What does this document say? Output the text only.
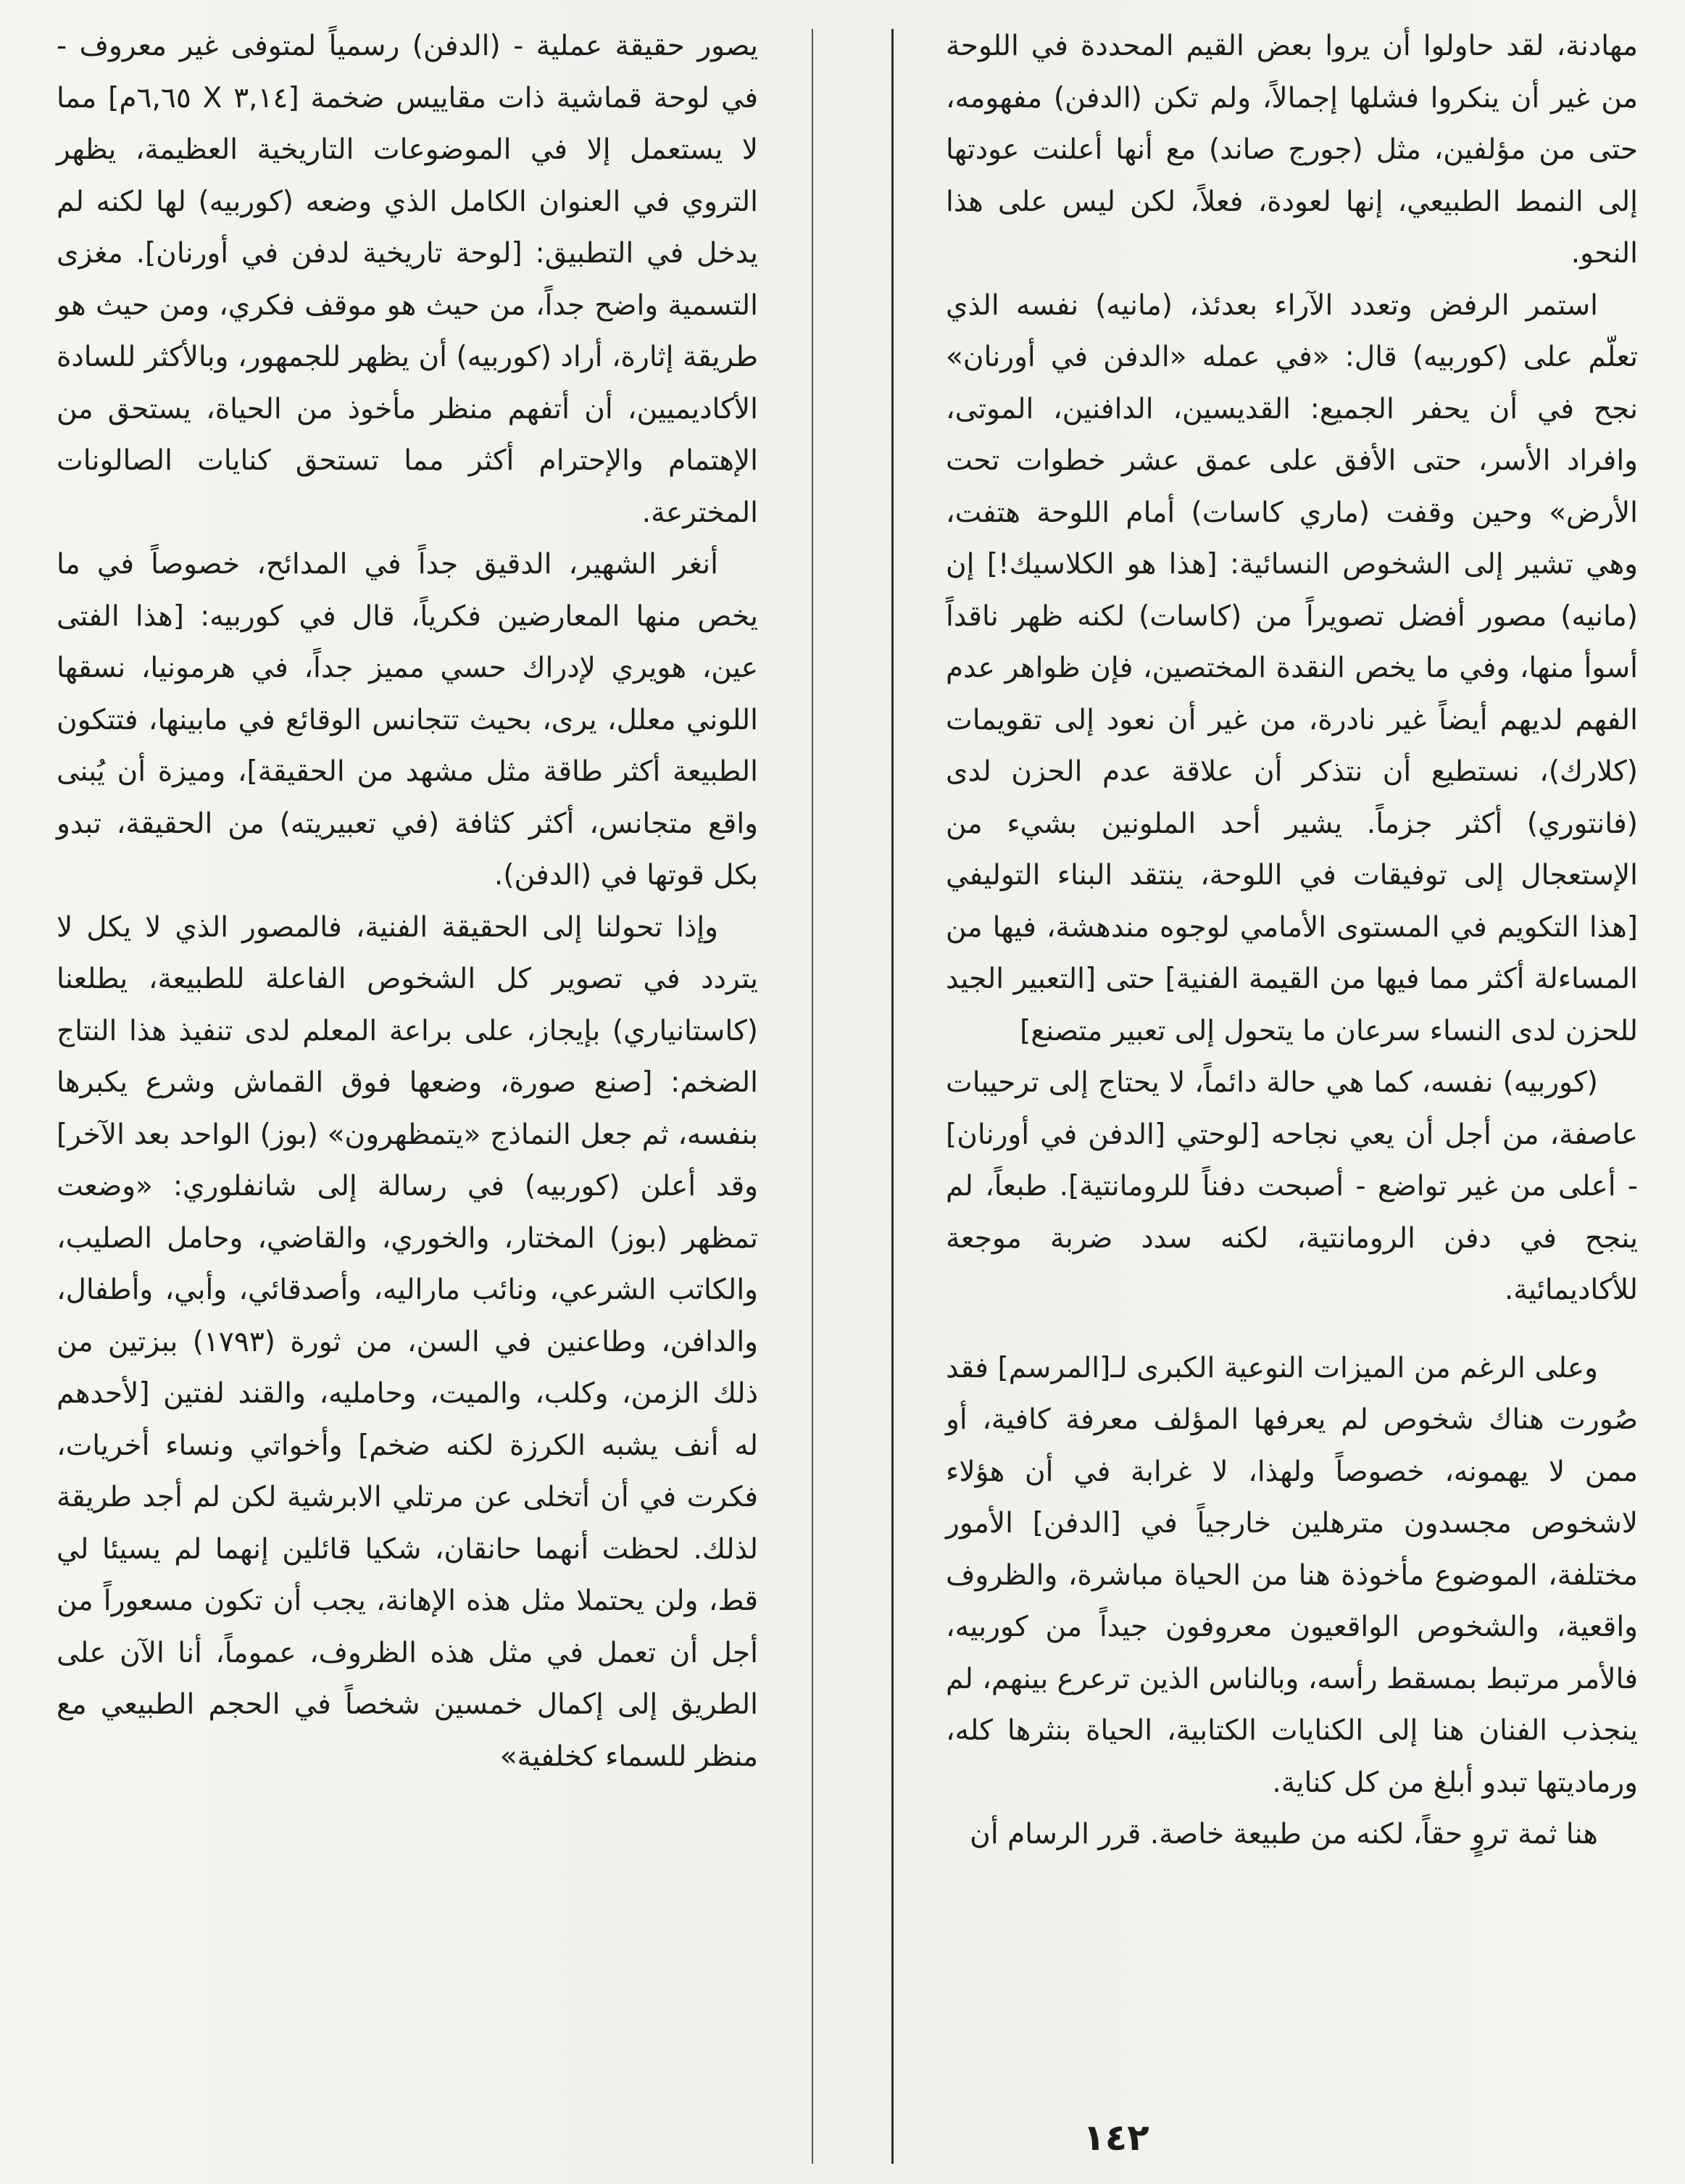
مهادنة، لقد حاولوا أن يروا بعض القيم المحددة في اللوحة من غير أن ينكروا فشلها إجمالاً، ولم تكن (الدفن) مفهومه، حتى من مؤلفين، مثل (جورج صاند) مع أنها أعلنت عودتها إلى النمط الطبيعي، إنها لعودة، فعلاً، لكن ليس على هذا النحو.

استمر الرفض وتعدد الآراء بعدئذ، (مانيه) نفسه الذي تعلّم على (كوربيه) قال: «في عمله «الدفن في أورنان» نجح في أن يحفر الجميع: القديسين، الدافنين، الموتى، وافراد الأسر، حتى الأفق على عمق عشر خطوات تحت الأرض» وحين وقفت (ماري كاسات) أمام اللوحة هتفت، وهي تشير إلى الشخوص النسائية: [هذا هو الكلاسيك!] إن (مانيه) مصور أفضل تصويراً من (كاسات) لكنه ظهر ناقداً أسوأ منها، وفي ما يخص النقدة المختصين، فإن ظواهر عدم الفهم لديهم أيضاً غير نادرة، من غير أن نعود إلى تقويمات (كلارك)، نستطيع أن نتذكر أن علاقة عدم الحزن لدى (فانتوري) أكثر جزماً. يشير أحد الملونين بشيء من الإستعجال إلى توفيقات في اللوحة، ينتقد البناء التوليفي [هذا التكويم في المستوى الأمامي لوجوه مندهشة، فيها من المساءلة أكثر مما فيها من القيمة الفنية] حتى [التعبير الجيد للحزن لدى النساء سرعان ما يتحول إلى تعبير متصنع]

(كوربيه) نفسه، كما هي حالة دائماً، لا يحتاج إلى ترحيبات عاصفة، من أجل أن يعي نجاحه [لوحتي [الدفن في أورنان] - أعلى من غير تواضع - أصبحت دفناً للرومانتية]. طبعاً، لم ينجح في دفن الرومانتية، لكنه سدد ضربة موجعة للأكاديمائية.

وعلى الرغم من الميزات النوعية الكبرى لـ[المرسم] فقد صُورت هناك شخوص لم يعرفها المؤلف معرفة كافية، أو ممن لا يهمونه، خصوصاً ولهذا، لا غرابة في أن هؤلاء لاشخوص مجسدون مترهلين خارجياً في [الدفن] الأمور مختلفة، الموضوع مأخوذة هنا من الحياة مباشرة، والظروف واقعية، والشخوص الواقعيون معروفون جيداً من كوربيه، فالأمر مرتبط بمسقط رأسه، وبالناس الذين ترعرع بينهم، لم ينجذب الفنان هنا إلى الكنايات الكتابية، الحياة بنثرها كله، ورماديتها تبدو أبلغ من كل كناية.

هنا ثمة تروٍ حقاً، لكنه من طبيعة خاصة. قرر الرسام أن

يصور حقيقة عملية - (الدفن) رسمياً لمتوفى غير معروف - في لوحة قماشية ذات مقاييس ضخمة [٣,١٤ X ٦,٦٥م] مما لا يستعمل إلا في الموضوعات التاريخية العظيمة، يظهر التروي في العنوان الكامل الذي وضعه (كوربيه) لها لكنه لم يدخل في التطبيق: [لوحة تاريخية لدفن في أورنان]. مغزى التسمية واضح جداً، من حيث هو موقف فكري، ومن حيث هو طريقة إثارة، أراد (كوربيه) أن يظهر للجمهور، وبالأكثر للسادة الأكاديميين، أن أتفهم منظر مأخوذ من الحياة، يستحق من الإهتمام والإحترام أكثر مما تستحق كنايات الصالونات المخترعة.

أنغر الشهير، الدقيق جداً في المدائح، خصوصاً في ما يخص منها المعارضين فكرياً، قال في كوربيه: [هذا الفتى عين، هويري لإدراك حسي مميز جداً، في هرمونيا، نسقها اللوني معلل، يرى، بحيث تتجانس الوقائع في مابينها، فتتكون الطبيعة أكثر طاقة مثل مشهد من الحقيقة]، وميزة أن يُبنى واقع متجانس، أكثر كثافة (في تعبيريته) من الحقيقة، تبدو بكل قوتها في (الدفن).

وإذا تحولنا إلى الحقيقة الفنية، فالمصور الذي لا يكل لا يتردد في تصوير كل الشخوص الفاعلة للطبيعة، يطلعنا (كاستانياري) بإيجاز، على براعة المعلم لدى تنفيذ هذا النتاج الضخم: [صنع صورة، وضعها فوق القماش وشرع يكبرها بنفسه، ثم جعل النماذج «يتمظهرون» (بوز) الواحد بعد الآخر] وقد أعلن (كوربيه) في رسالة إلى شانفلوري: «وضعت تمظهر (بوز) المختار، والخوري، والقاضي، وحامل الصليب، والكاتب الشرعي، ونائب ماراليه، وأصدقائي، وأبي، وأطفال، والدافن، وطاعنين في السن، من ثورة (١٧٩٣) ببزتين من ذلك الزمن، وكلب، والميت، وحامليه، والقند لفتين [لأحدهم له أنف يشبه الكرزة لكنه ضخم] وأخواتي ونساء أخريات، فكرت في أن أتخلى عن مرتلي الابرشية لكن لم أجد طريقة لذلك. لحظت أنهما حانقان، شكيا قائلين إنهما لم يسيئا لي قط، ولن يحتملا مثل هذه الإهانة، يجب أن تكون مسعوراً من أجل أن تعمل في مثل هذه الظروف، عموماً، أنا الآن على الطريق إلى إكمال خمسين شخصاً في الحجم الطبيعي مع منظر للسماء كخلفية»

١٤٢
